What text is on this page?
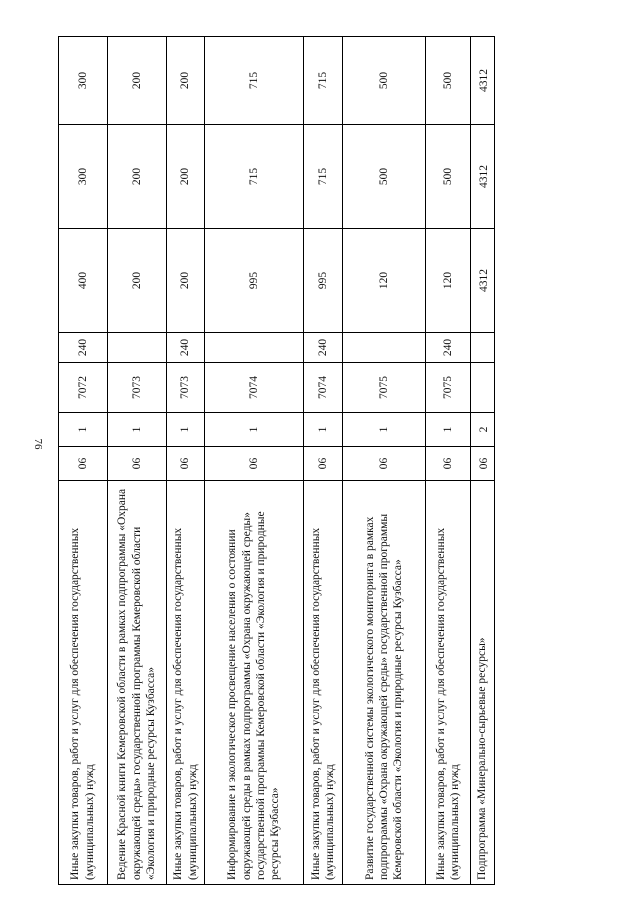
76
Иные закупки товаров, работ и услуг для обеспечения государственных (муниципальных) нужд	06	1	7072	240	400	300	300
Ведение Красной книги Кемеровской области в рамках подпрограммы «Охрана окружающей среды» государственной программы Кемеровской области «Экология и природные ресурсы Кузбасса»	06	1	7073		200	200	200
Иные закупки товаров, работ и услуг для обеспечения государственных (муниципальных) нужд	06	1	7073	240	200	200	200
Информирование и экологическое просвещение населения о состоянии окружающей среды в рамках подпрограммы «Охрана окружающей среды» государственной программы Кемеровской области «Экология и природные ресурсы Кузбасса»	06	1	7074		995	715	715
Иные закупки товаров, работ и услуг для обеспечения государственных (муниципальных) нужд	06	1	7074	240	995	715	715
Развитие государственной системы экологического мониторинга в рамках подпрограммы «Охрана окружающей среды» государственной программы Кемеровской области «Экология и природные ресурсы Кузбасса»	06	1	7075		120	500	500
Иные закупки товаров, работ и услуг для обеспечения государственных (муниципальных) нужд	06	1	7075	240	120	500	500
Подпрограмма «Минерально-сырьевые ресурсы»	06	2			4312	4312	4312
